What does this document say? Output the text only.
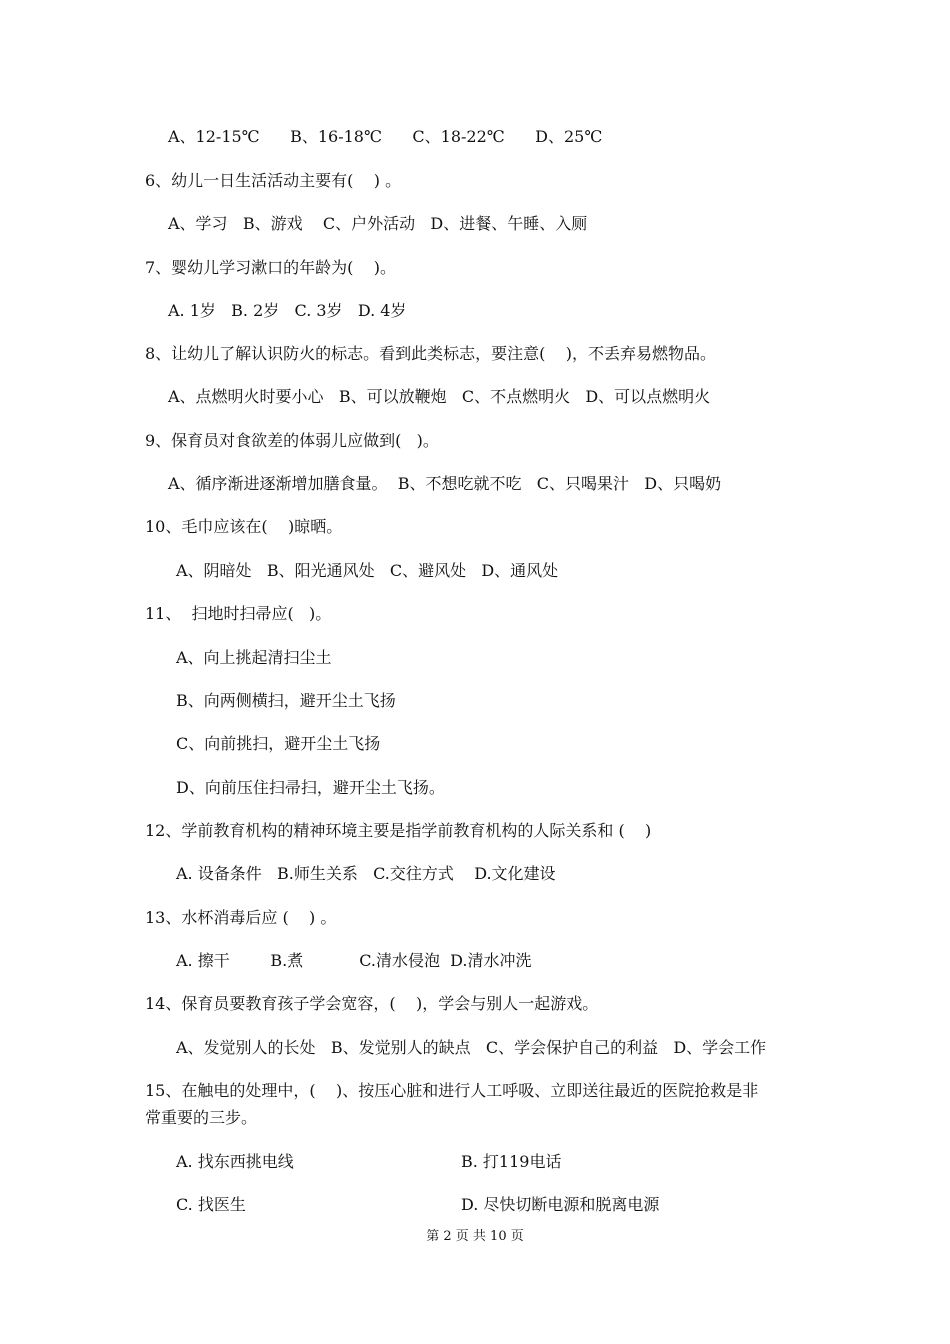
A、12-15℃      B、16-18℃      C、18-22℃      D、25℃
6、幼儿一日生活活动主要有(    ) 。
A、学习   B、游戏    C、户外活动   D、进餐、午睡、入厕
7、婴幼儿学习漱口的年龄为(    )。
A. 1岁   B. 2岁   C. 3岁   D. 4岁
8、让幼儿了解认识防火的标志。看到此类标志，要注意(    )，不丢弃易燃物品。
A、点燃明火时要小心   B、可以放鞭炮   C、不点燃明火   D、可以点燃明火
9、保育员对食欲差的体弱儿应做到(   )。
A、循序渐进逐渐增加膳食量。  B、不想吃就不吃   C、只喝果汁   D、只喝奶
10、毛巾应该在(    )晾晒。
A、阴暗处   B、阳光通风处   C、避风处   D、通风处
11、  扫地时扫帚应(   )。
A、向上挑起清扫尘土
B、向两侧横扫，避开尘土飞扬
C、向前挑扫，避开尘土飞扬
D、向前压住扫帚扫，避开尘土飞扬。
12、学前教育机构的精神环境主要是指学前教育机构的人际关系和 (    )
A. 设备条件   B.师生关系   C.交往方式    D.文化建设
13、水杯消毒后应 (    ) 。
A. 擦干        B.煮           C.清水侵泡  D.清水冲洗
14、保育员要教育孩子学会宽容，(    )，学会与别人一起游戏。
A、发觉别人的长处   B、发觉别人的缺点   C、学会保护自己的利益   D、学会工作
15、在触电的处理中，(    )、按压心脏和进行人工呼吸、立即送往最近的医院抢救是非
常重要的三步。
A. 找东西挑电线	B. 打119电话
C. 找医生	D. 尽快切断电源和脱离电源
第 2 页 共 10 页
